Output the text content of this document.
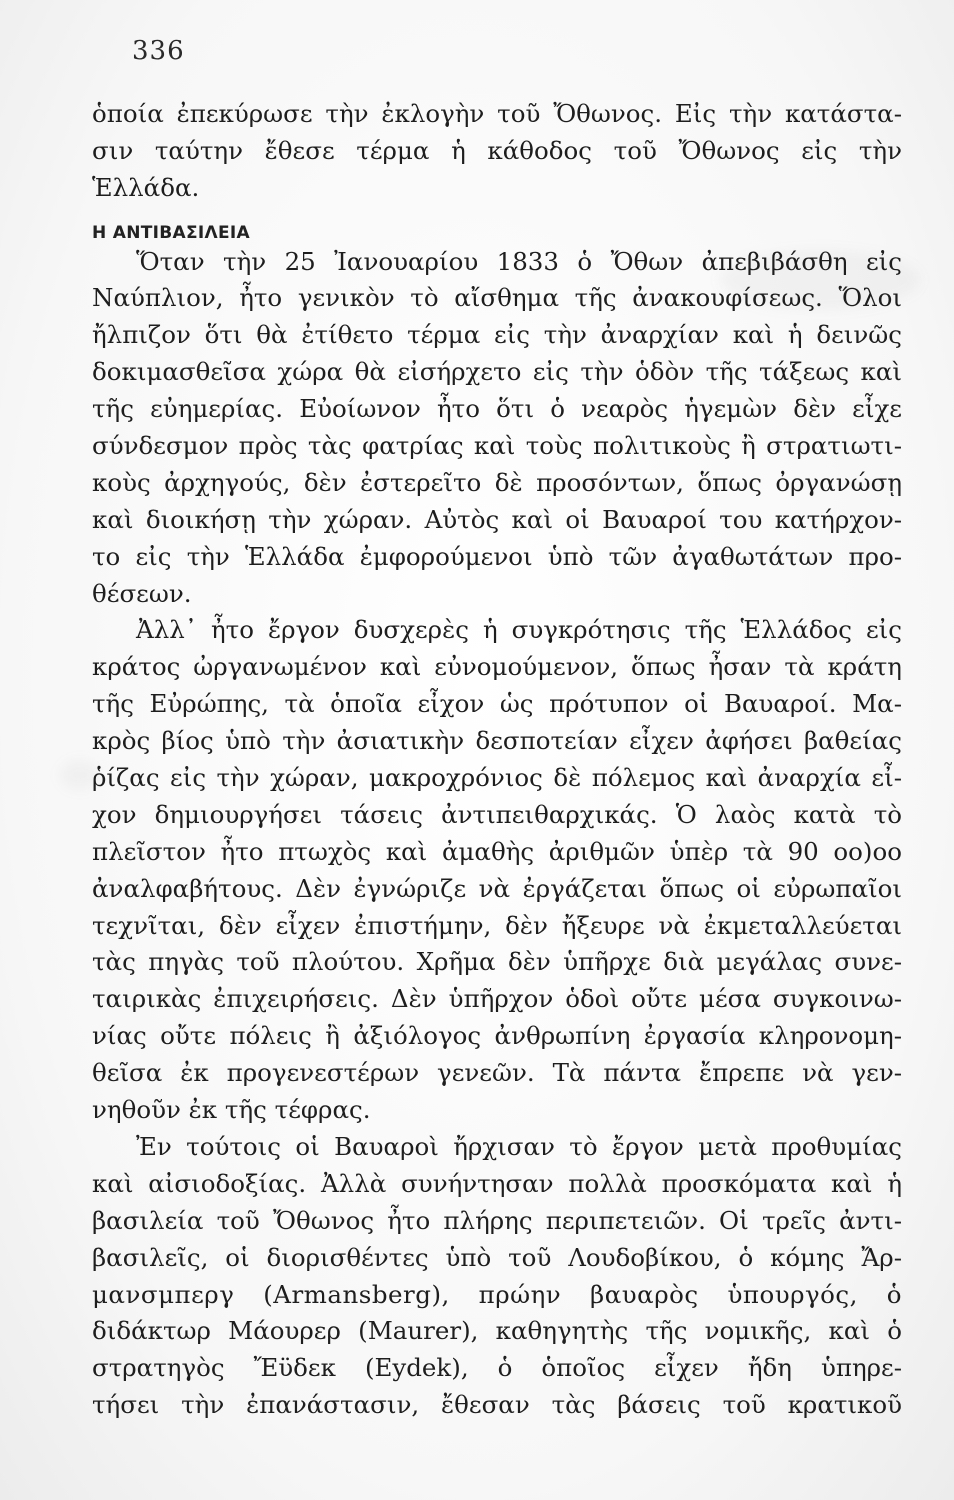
336
ὁποία ἐπεκύρωσε τὴν ἐκλογὴν τοῦ Ὄθωνος. Εἰς τὴν κατάστα-
σιν ταύτην ἔθεσε τέρμα ἡ κάθοδος τοῦ Ὄθωνος εἰς τὴν
Ἑλλάδα.
Η ΑΝΤΙΒΑΣΙΛΕΙΑ
Ὅταν τὴν 25 Ἰανουαρίου 1833 ὁ Ὄθων ἀπεβιβάσθη εἰς
Ναύπλιον, ἦτο γενικὸν τὸ αἴσθημα τῆς ἀνακουφίσεως. Ὅλοι
ἤλπιζον ὅτι θὰ ἐτίθετο τέρμα εἰς τὴν ἀναρχίαν καὶ ἡ δεινῶς
δοκιμασθεῖσα χώρα θὰ εἰσήρχετο εἰς τὴν ὁδὸν τῆς τάξεως καὶ
τῆς εὐημερίας. Εὐοίωνον ἦτο ὅτι ὁ νεαρὸς ἡγεμὼν δὲν εἶχε
σύνδεσμον πρὸς τὰς φατρίας καὶ τοὺς πολιτικοὺς ἢ στρατιωτι-
κοὺς ἀρχηγούς, δὲν ἐστερεῖτο δὲ προσόντων, ὅπως ὀργανώσῃ
καὶ διοικήσῃ τὴν χώραν. Αὐτὸς καὶ οἱ Βαυαροί του κατήρχον-
το εἰς τὴν Ἑλλάδα ἐμφορούμενοι ὑπὸ τῶν ἀγαθωτάτων προ-
θέσεων.
Ἀλλ᾽ ἦτο ἔργον δυσχερὲς ἡ συγκρότησις τῆς Ἑλλάδος εἰς
κράτος ὠργανωμένον καὶ εὐνομούμενον, ὅπως ἦσαν τὰ κράτη
τῆς Εὐρώπης, τὰ ὁποῖα εἶχον ὡς πρότυπον οἱ Βαυαροί. Μα-
κρὸς βίος ὑπὸ τὴν ἀσιατικὴν δεσποτείαν εἶχεν ἀφήσει βαθείας
ῥίζας εἰς τὴν χώραν, μακροχρόνιος δὲ πόλεμος καὶ ἀναρχία εἶ-
χον δημιουργήσει τάσεις ἀντιπειθαρχικάς. Ὁ λαὸς κατὰ τὸ
πλεῖστον ἦτο πτωχὸς καὶ ἀμαθὴς ἀριθμῶν ὑπὲρ τὰ 90 οο)οο
ἀναλφαβήτους. Δὲν ἐγνώριζε νὰ ἐργάζεται ὅπως οἱ εὐρωπαῖοι
τεχνῖται, δὲν εἶχεν ἐπιστήμην, δὲν ἤξευρε νὰ ἐκμεταλλεύεται
τὰς πηγὰς τοῦ πλούτου. Χρῆμα δὲν ὑπῆρχε διὰ μεγάλας συνε-
ταιρικὰς ἐπιχειρήσεις. Δὲν ὑπῆρχον ὁδοὶ οὔτε μέσα συγκοινω-
νίας οὔτε πόλεις ἢ ἀξιόλογος ἀνθρωπίνη ἐργασία κληρονομη-
θεῖσα ἐκ προγενεστέρων γενεῶν. Τὰ πάντα ἔπρεπε νὰ γεν-
νηθοῦν ἐκ τῆς τέφρας.
Ἐν τούτοις οἱ Βαυαροὶ ἤρχισαν τὸ ἔργον μετὰ προθυμίας
καὶ αἰσιοδοξίας. Ἀλλὰ συνήντησαν πολλὰ προσκόματα καὶ ἡ
βασιλεία τοῦ Ὄθωνος ἦτο πλήρης περιπετειῶν. Οἱ τρεῖς ἀντι-
βασιλεῖς, οἱ διορισθέντες ὑπὸ τοῦ Λουδοβίκου, ὁ κόμης Ἄρ-
μανσμπεργ (Armansberg), πρώην βαυαρὸς ὑπουργός, ὁ
διδάκτωρ Μάουρερ (Maurer), καθηγητὴς τῆς νομικῆς, καὶ ὁ
στρατηγὸς Ἔϋδεκ (Eydek), ὁ ὁποῖος εἶχεν ἤδη ὑπηρε-
τήσει τὴν ἐπανάστασιν, ἔθεσαν τὰς βάσεις τοῦ κρατικοῦ
